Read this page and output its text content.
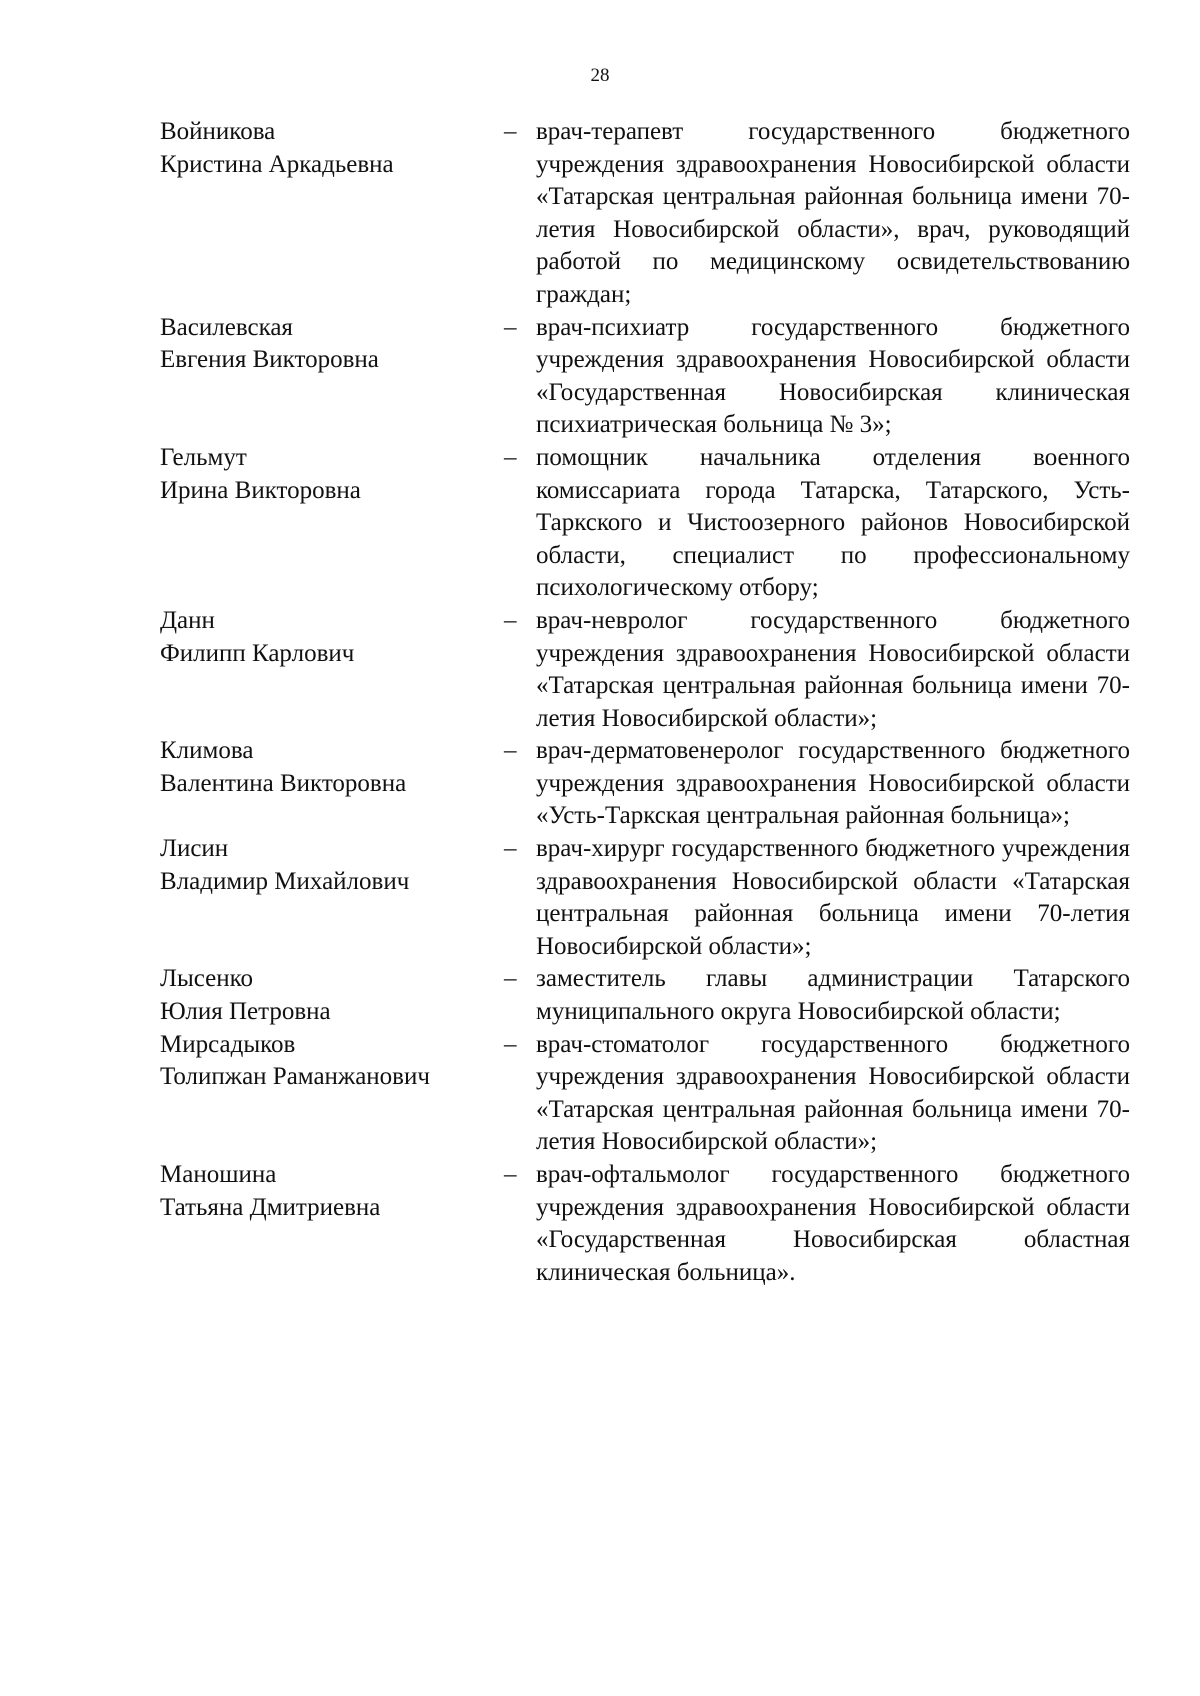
28
Войникова
Кристина Аркадьевна
– врач-терапевт государственного бюджетного учреждения здравоохранения Новосибирской области «Татарская центральная районная больница имени 70-летия Новосибирской области», врач, руководящий работой по медицинскому освидетельствованию граждан;
Василевская
Евгения Викторовна
– врач-психиатр государственного бюджетного учреждения здравоохранения Новосибирской области «Государственная Новосибирская клиническая психиатрическая больница № 3»;
Гельмут
Ирина Викторовна
– помощник начальника отделения военного комиссариата города Татарска, Татарского, Усть-Таркского и Чистоозерного районов Новосибирской области, специалист по профессиональному психологическому отбору;
Данн
Филипп Карлович
– врач-невролог государственного бюджетного учреждения здравоохранения Новосибирской области «Татарская центральная районная больница имени 70-летия Новосибирской области»;
Климова
Валентина Викторовна
– врач-дерматовенеролог государственного бюджетного учреждения здравоохранения Новосибирской области «Усть-Таркская центральная районная больница»;
Лисин
Владимир Михайлович
– врач-хирург государственного бюджетного учреждения здравоохранения Новосибирской области «Татарская центральная районная больница имени 70-летия Новосибирской области»;
Лысенко
Юлия Петровна
– заместитель главы администрации Татарского муниципального округа Новосибирской области;
Мирсадыков
Толипжан Раманжанович
– врач-стоматолог государственного бюджетного учреждения здравоохранения Новосибирской области «Татарская центральная районная больница имени 70-летия Новосибирской области»;
Маношина
Татьяна Дмитриевна
– врач-офтальмолог государственного бюджетного учреждения здравоохранения Новосибирской области «Государственная Новосибирская областная клиническая больница».
